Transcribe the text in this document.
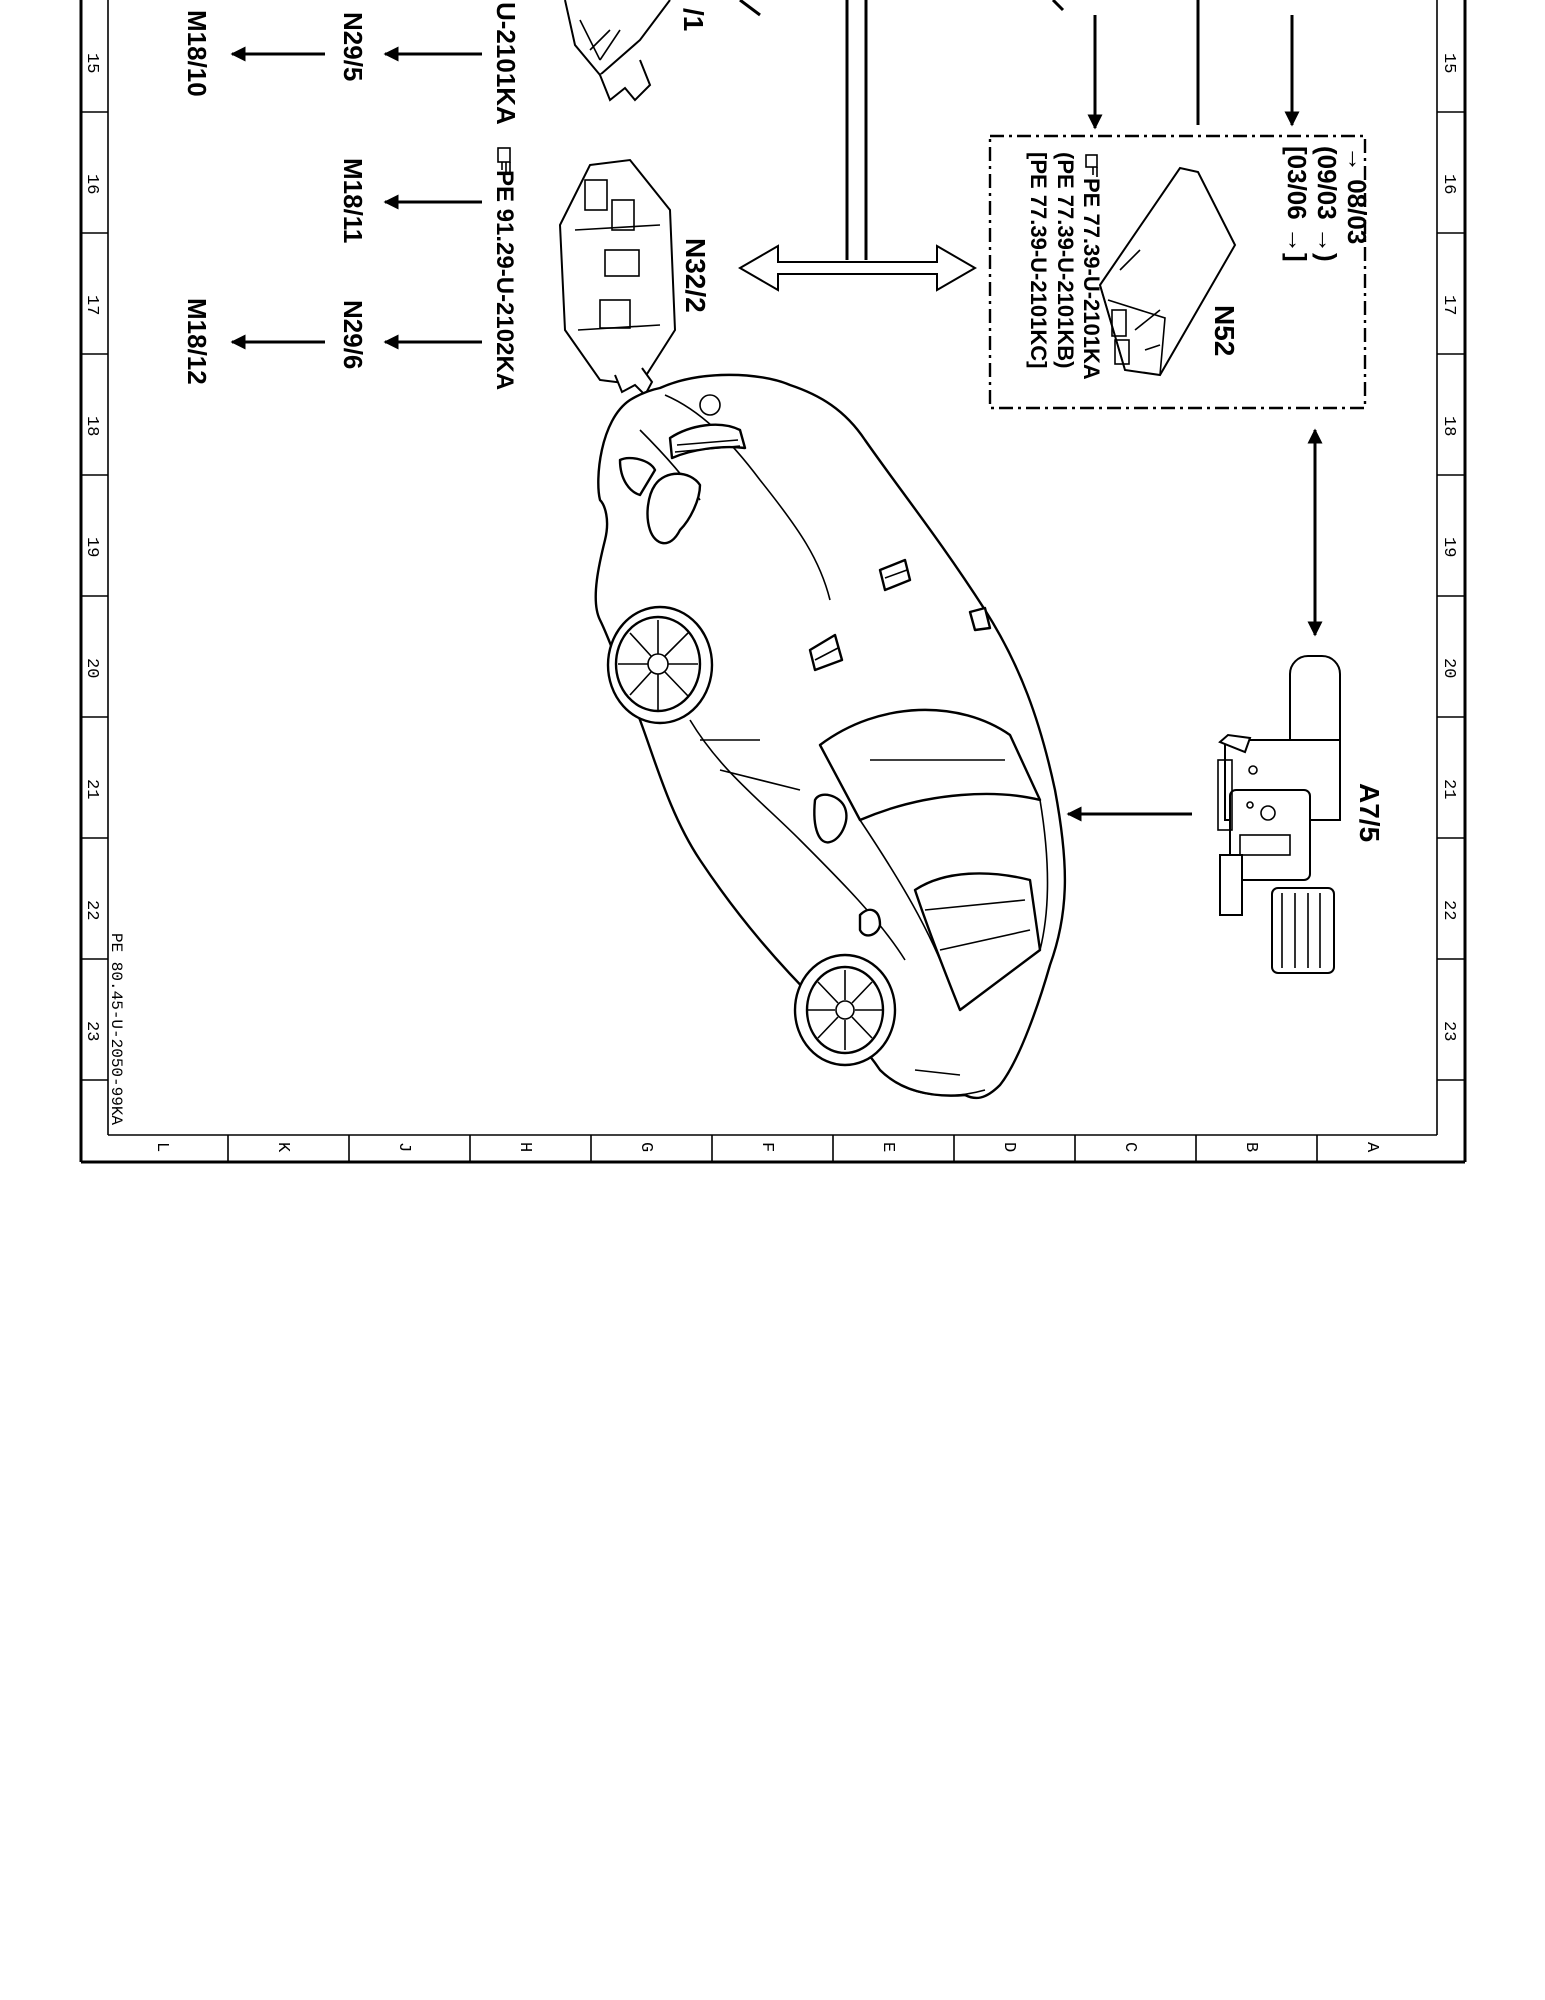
15
16
17
18
19
20
21
22
23
15
16
17
18
19
20
21
22
23
L	K	J	H	G	F	E	D	C	B	A
PE 80.45-U-2050-99KA
U-2101KA
N29/5
M18/10
PE 91.29-U-2102KA
M18/11
N29/6
M18/12
/1
N32/2
N52
PE 77.39-U-2101KA
(PE 77.39-U-2101KB)
[PE 77.39-U-2101KC]	→ 08/03
(09/03 →)
[03/06 →]
A7/5
